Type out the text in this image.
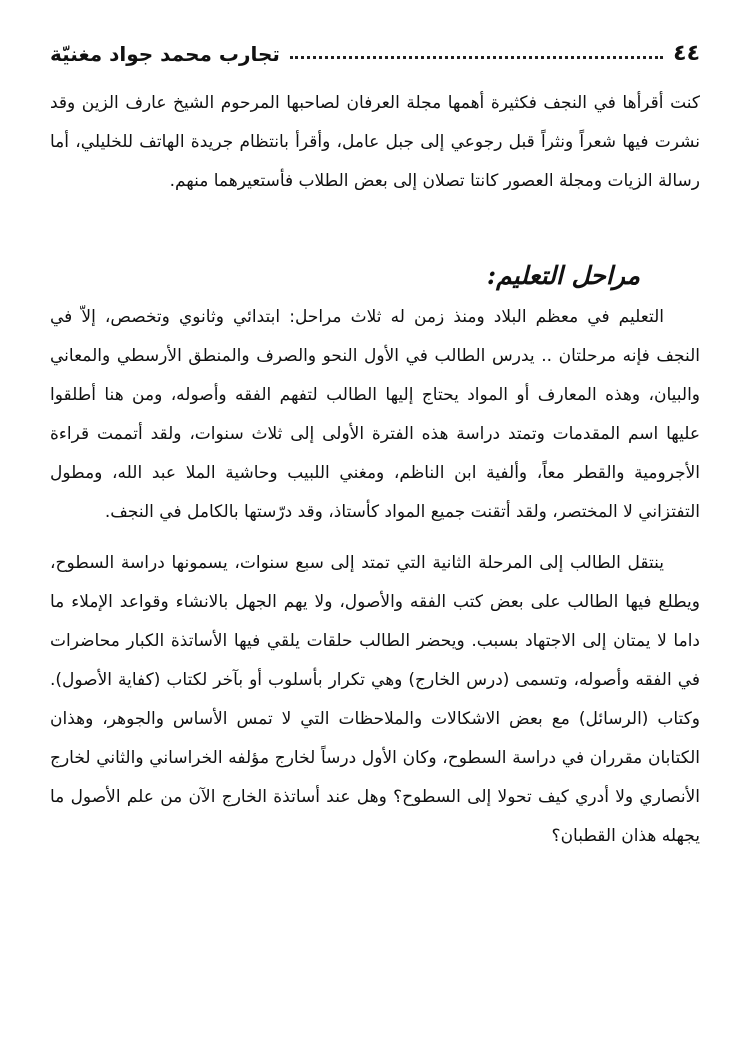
٤٤
تجارب محمد جواد مغنيّة

كنت أقرأها في النجف فكثيرة أهمها مجلة العرفان لصاحبها المرحوم الشيخ عارف الزين وقد نشرت فيها شعراً ونثراً قبل رجوعي إلى جبل عامل، وأقرأ بانتظام جريدة الهاتف للخليلي، أما رسالة الزيات ومجلة العصور كانتا تصلان إلى بعض الطلاب فأستعيرهما منهم.

مراحل التعليم:

التعليم في معظم البلاد ومنذ زمن له ثلاث مراحل: ابتدائي وثانوي وتخصص، إلاّ في النجف فإنه مرحلتان .. يدرس الطالب في الأول النحو والصرف والمنطق الأرسطي والمعاني والبيان، وهذه المعارف أو المواد يحتاج إليها الطالب لتفهم الفقه وأصوله، ومن هنا أطلقوا عليها اسم المقدمات وتمتد دراسة هذه الفترة الأولى إلى ثلاث سنوات، ولقد أتممت قراءة الأجرومية والقطر معاً، وألفية ابن الناظم، ومغني اللبيب وحاشية الملا عبد الله، ومطول التفتزاني لا المختصر، ولقد أتقنت جميع المواد كأستاذ، وقد درّستها بالكامل في النجف.

ينتقل الطالب إلى المرحلة الثانية التي تمتد إلى سبع سنوات، يسمونها دراسة السطوح، ويطلع فيها الطالب على بعض كتب الفقه والأصول، ولا يهم الجهل بالانشاء وقواعد الإملاء ما داما لا يمتان إلى الاجتهاد بسبب. ويحضر الطالب حلقات يلقي فيها الأساتذة الكبار محاضرات في الفقه وأصوله، وتسمى (درس الخارج) وهي تكرار بأسلوب أو بآخر لكتاب (كفاية الأصول). وكتاب (الرسائل) مع بعض الاشكالات والملاحظات التي لا تمس الأساس والجوهر، وهذان الكتابان مقرران في دراسة السطوح، وكان الأول درساً لخارج مؤلفه الخراساني والثاني لخارج الأنصاري ولا أدري كيف تحولا إلى السطوح؟ وهل عند أساتذة الخارج الآن من علم الأصول ما يجهله هذان القطبان؟
